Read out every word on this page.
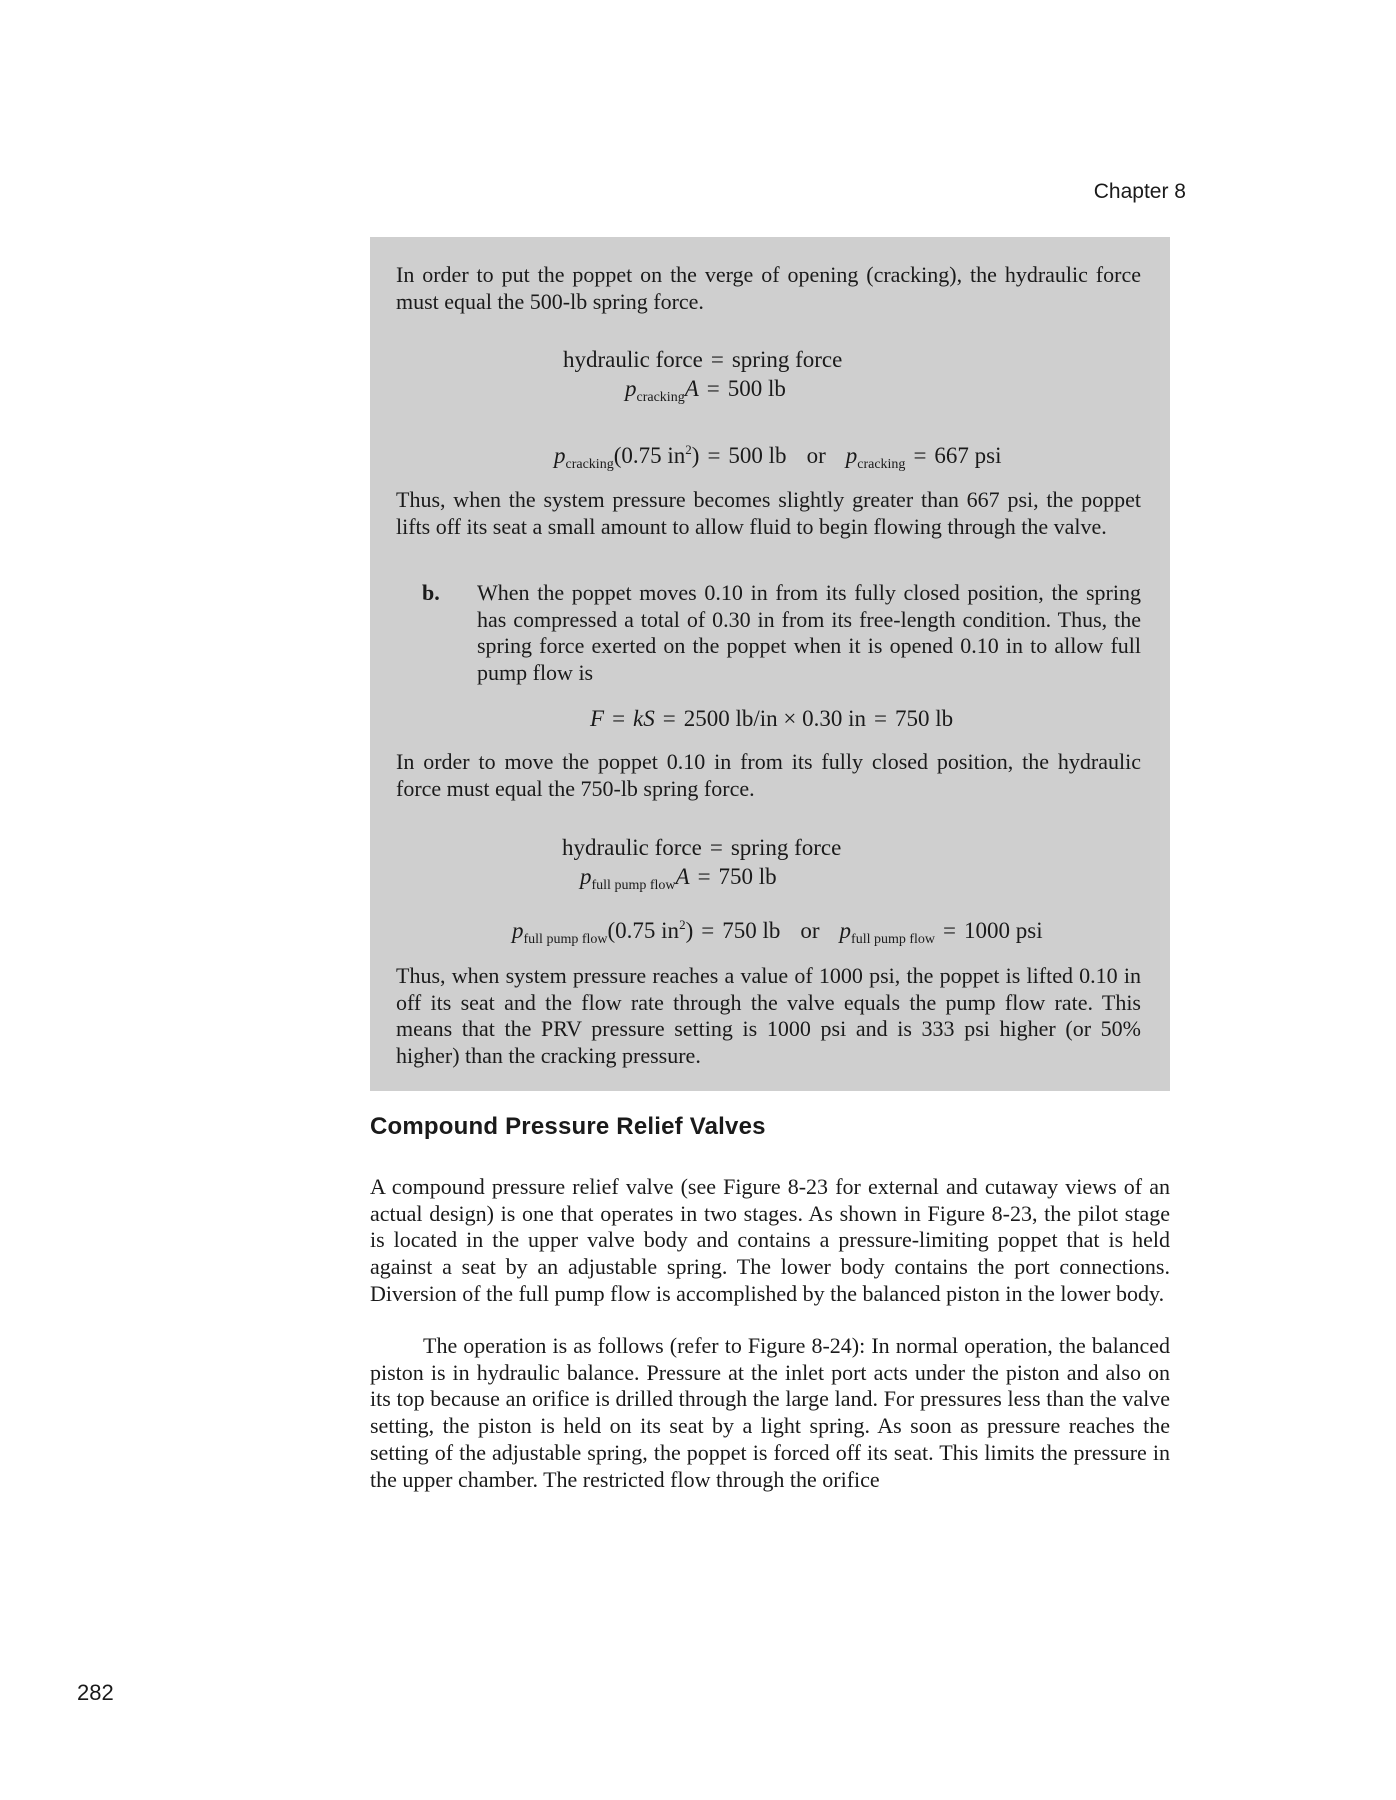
Chapter 8

In order to put the poppet on the verge of opening (cracking), the hydraulic force must equal the 500-lb spring force.

hydraulic force = spring force
$p_{cracking}A = 500$ lb
$p_{cracking}(0.75$ $in^2) = 500$ lb or $p_{cracking} = 667$ psi

Thus, when the system pressure becomes slightly greater than 667 psi, the poppet lifts off its seat a small amount to allow fluid to begin flowing through the valve.

b. When the poppet moves 0.10 in from its fully closed position, the spring has compressed a total of 0.30 in from its free-length condition. Thus, the spring force exerted on the poppet when it is opened 0.10 in to allow full pump flow is

F = kS = 2500 lb/in × 0.30 in = 750 lb

In order to move the poppet 0.10 in from its fully closed position, the hydraulic force must equal the 750-lb spring force.

hydraulic force = spring force
$p_{full pump flow}A = 750$ lb
$p_{full pump flow}(0.75$ $in^2) = 750$ lb or $p_{full pump flow} = 1000$ psi

Thus, when system pressure reaches a value of 1000 psi, the poppet is lifted 0.10 in off its seat and the flow rate through the valve equals the pump flow rate. This means that the PRV pressure setting is 1000 psi and is 333 psi higher (or 50% higher) than the cracking pressure.

Compound Pressure Relief Valves

A compound pressure relief valve (see Figure 8-23 for external and cutaway views of an actual design) is one that operates in two stages. As shown in Figure 8-23, the pilot stage is located in the upper valve body and contains a pressure-limiting poppet that is held against a seat by an adjustable spring. The lower body contains the port connections. Diversion of the full pump flow is accomplished by the balanced piston in the lower body.

The operation is as follows (refer to Figure 8-24): In normal operation, the balanced piston is in hydraulic balance. Pressure at the inlet port acts under the piston and also on its top because an orifice is drilled through the large land. For pressures less than the valve setting, the piston is held on its seat by a light spring. As soon as pressure reaches the setting of the adjustable spring, the poppet is forced off its seat. This limits the pressure in the upper chamber. The restricted flow through the orifice

282
